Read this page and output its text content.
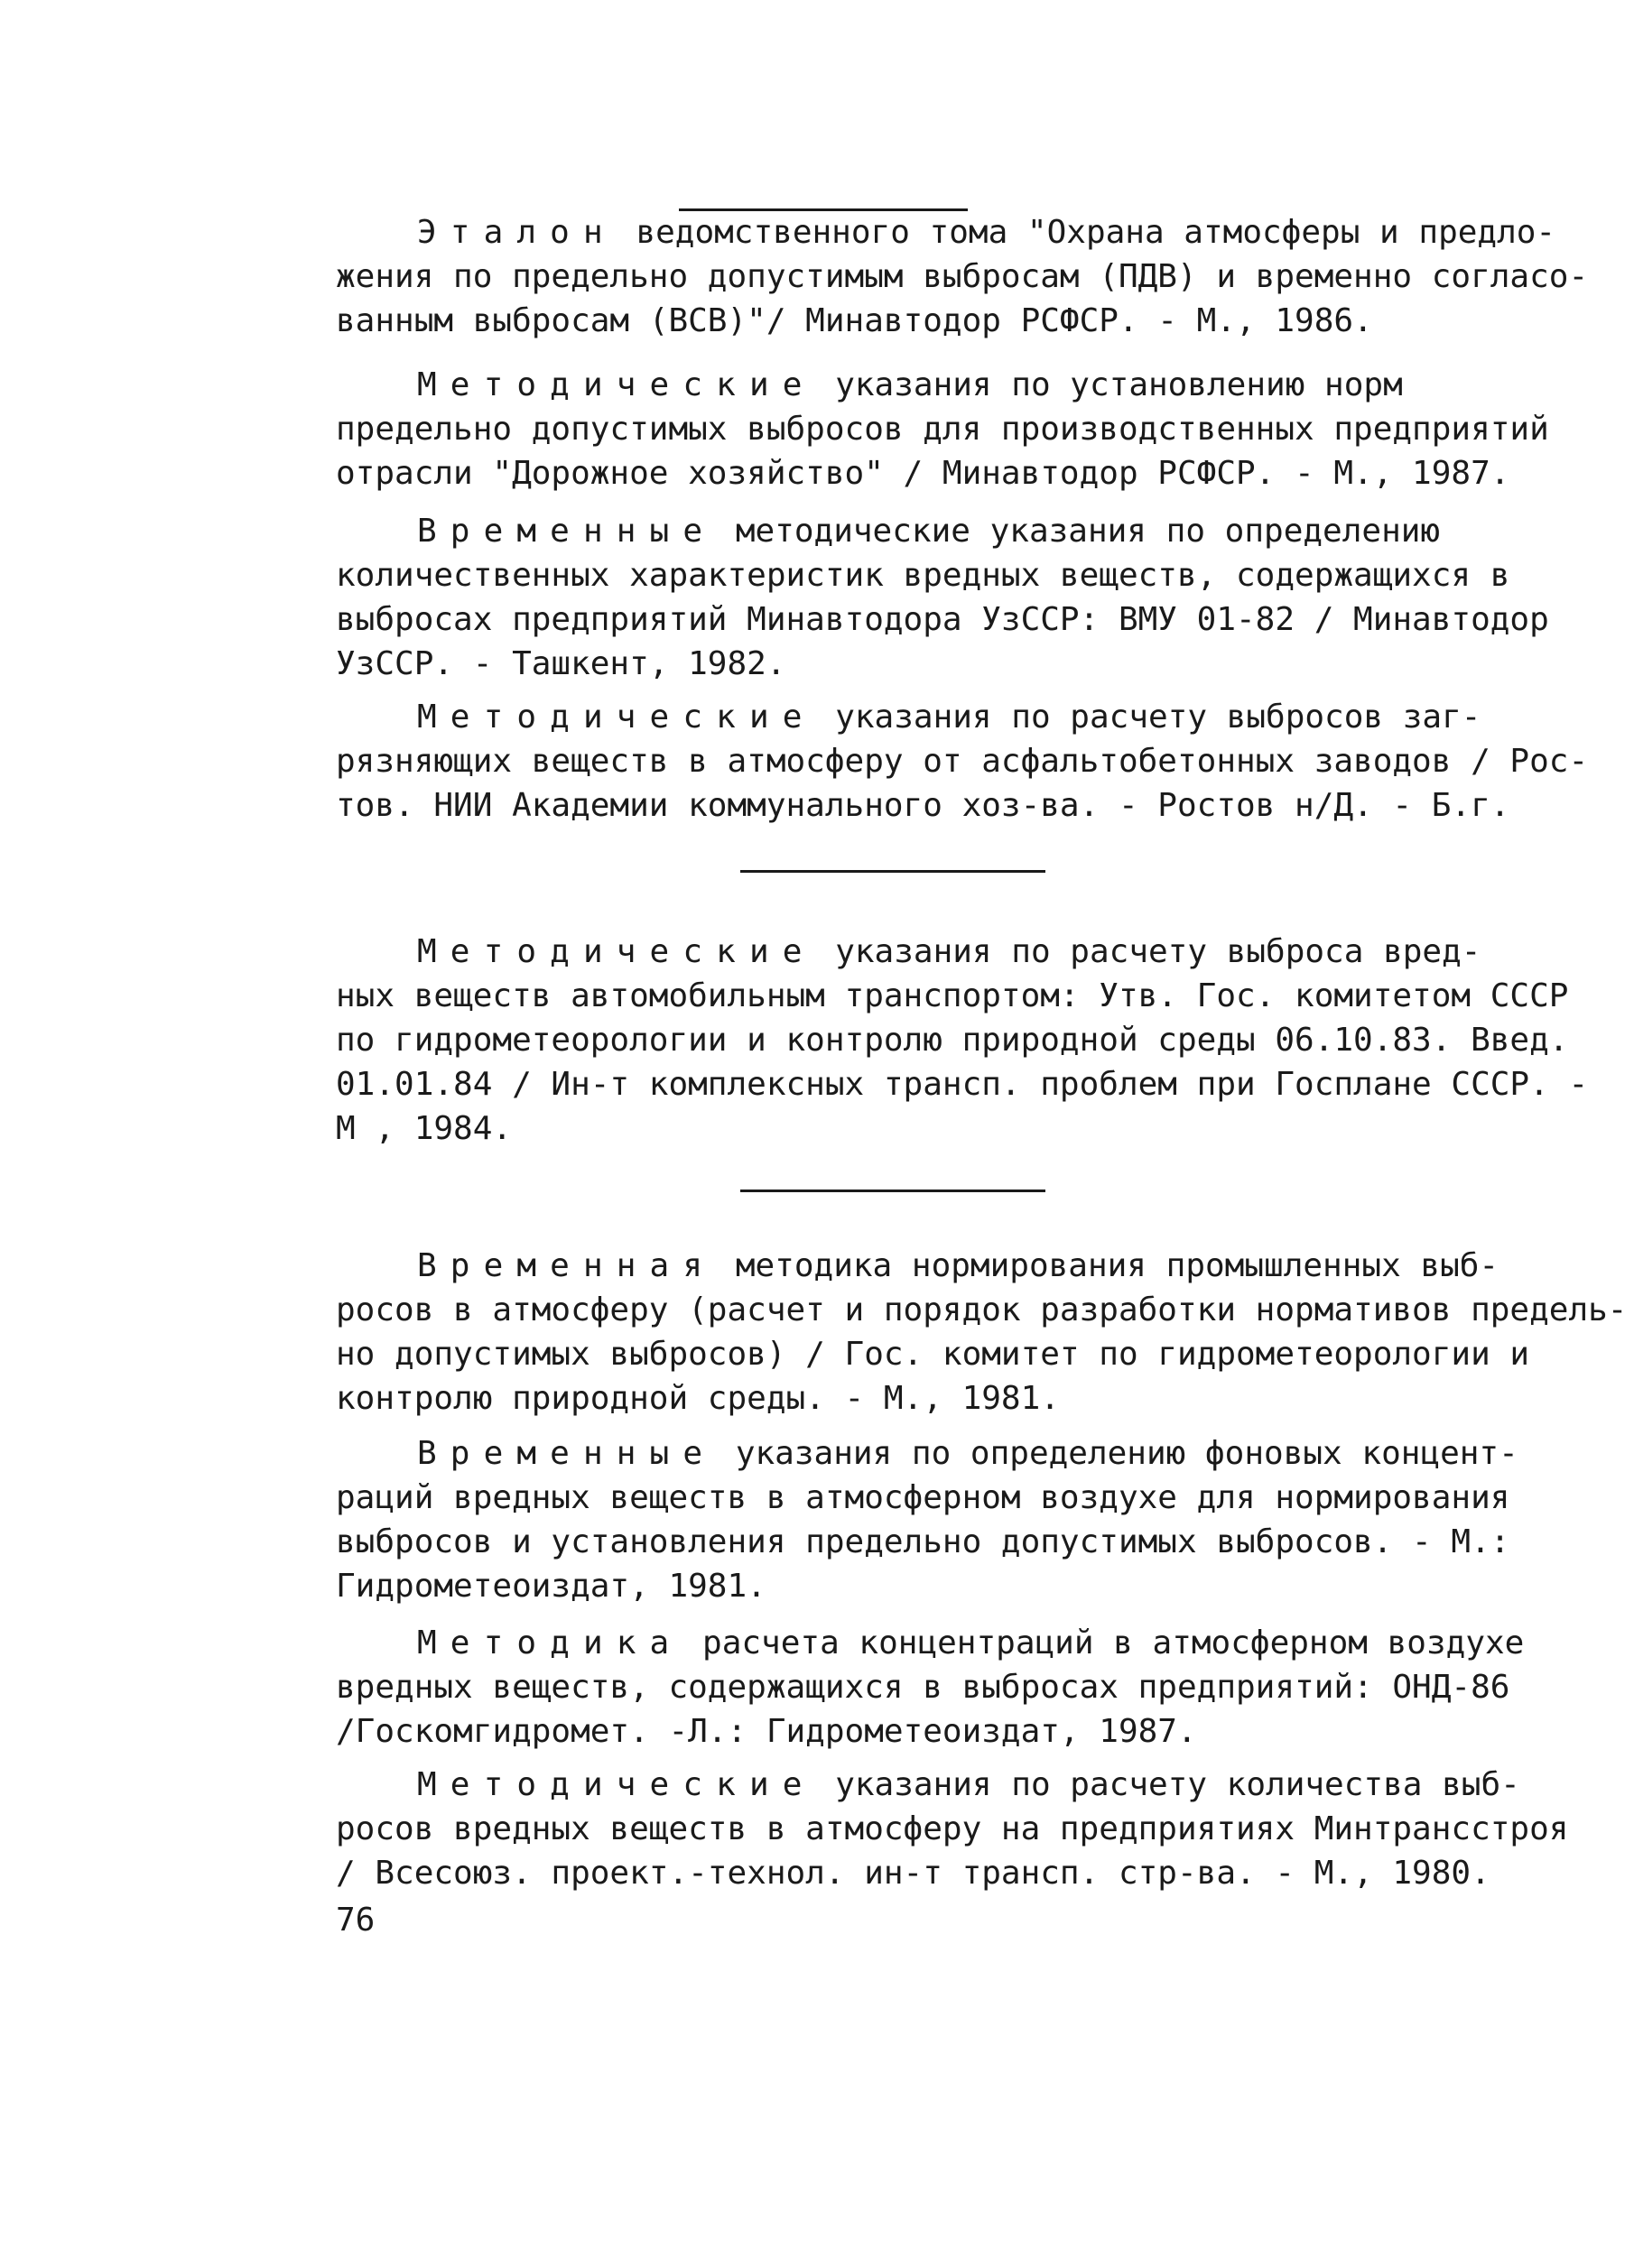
Эталон ведомственного тома "Охрана атмосферы и предло-
жения по предельно допустимым выбросам (ПДВ) и временно согласо-
ванным выбросам (ВСВ)"/ Минавтодор РСФСР. - М., 1986.
Методические указания по установлению норм
предельно допустимых выбросов для производственных предприятий
отрасли "Дорожное хозяйство" / Минавтодор РСФСР. - М., 1987.
Временные методические указания по определению
количественных характеристик вредных веществ, содержащихся в
выбросах предприятий Минавтодора УзССР: ВМУ 01-82 / Минавтодор
УзССР. - Ташкент, 1982.
Методические указания по расчету выбросов заг-
рязняющих веществ в атмосферу от асфальтобетонных заводов / Рос-
тов. НИИ Академии коммунального хоз-ва. - Ростов н/Д. - Б.г.
Методические указания по расчету выброса вред-
ных веществ автомобильным транспортом: Утв. Гос. комитетом СССР
по гидрометеорологии и контролю природной среды 06.10.83. Введ.
01.01.84 / Ин-т комплексных трансп. проблем при Госплане СССР. -
М , 1984.
Временная методика нормирования промышленных выб-
росов в атмосферу (расчет и порядок разработки нормативов предель-
но допустимых выбросов) / Гос. комитет по гидрометеорологии и
контролю природной среды. - М., 1981.
Временные указания по определению фоновых концент-
раций вредных веществ в атмосферном воздухе для нормирования
выбросов и установления предельно допустимых выбросов. - М.:
Гидрометеоиздат, 1981.
Методика расчета концентраций в атмосферном воздухе
вредных веществ, содержащихся в выбросах предприятий: ОНД-86
/Госкомгидромет. -Л.: Гидрометеоиздат, 1987.
Методические указания по расчету количества выб-
росов вредных веществ в атмосферу на предприятиях Минтрансстроя
/ Всесоюз. проект.-технол. ин-т трансп. стр-ва. - М., 1980.
76
